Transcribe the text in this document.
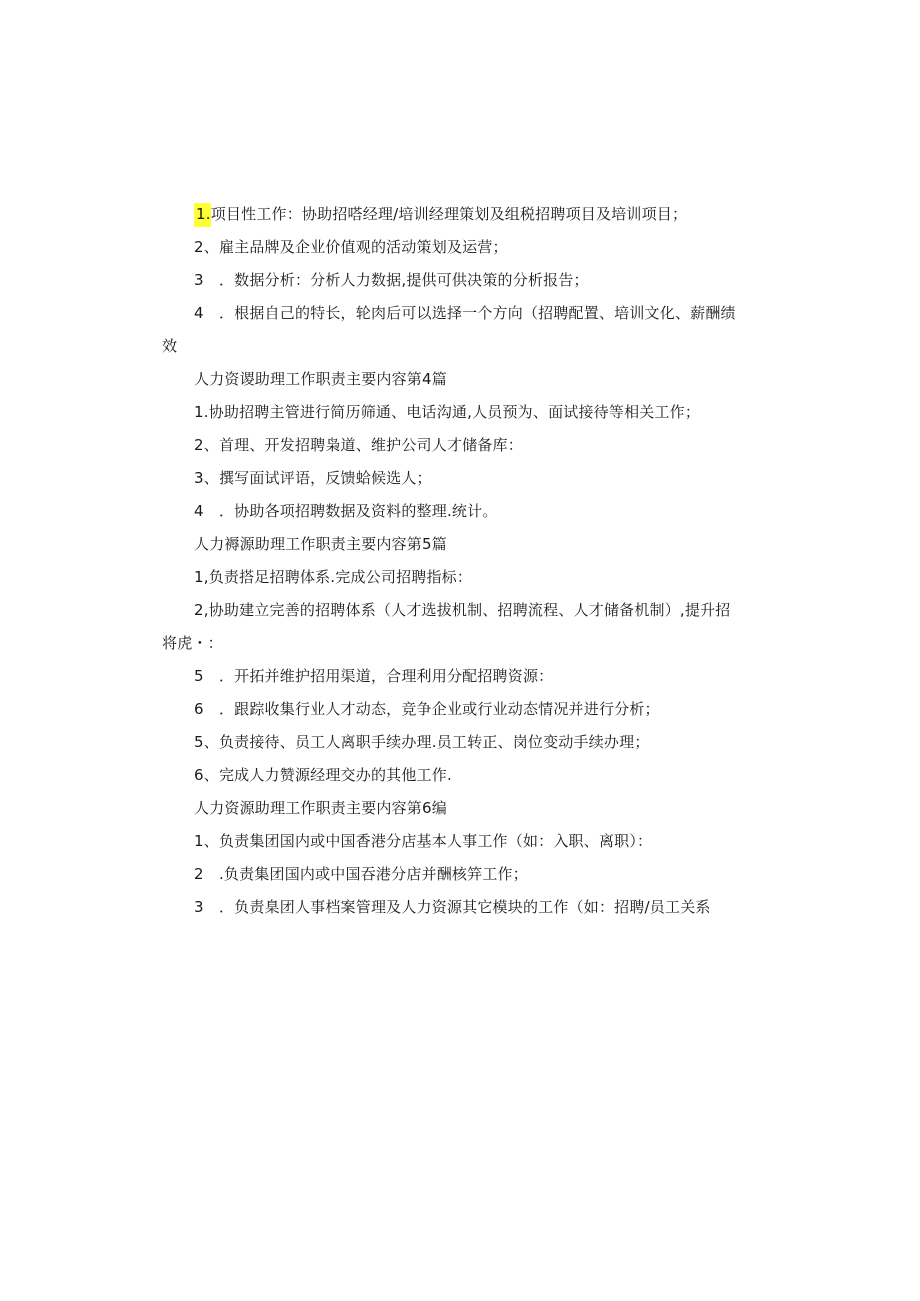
1.项目性工作：协助招嗒经理/培训经理策划及组税招聘项目及培训项目；
2、雇主品牌及企业价值观的活动策划及运营；
3　．数据分析：分析人力数据,提供可供决策的分析报告；
4　．根据自己的特长，轮肉后可以选择一个方向（招聘配置、培训文化、薪酬绩
效
人力资谡助理工作职责主要内容第4篇
1.协助招聘主管进行简历筛通、电话沟通,人员预为、面试接待等相关工作；
2、首理、开发招聘枭道、维护公司人才储备库：
3、撰写面试评语，反馈蛤候选人；
4　．协助各项招聘数据及资料的整理.统计。
人力褥源助理工作职责主要内容第5篇
1,负责搭足招聘体系.完成公司招聘指标：
2,协助建立完善的招聘体系（人才选拔机制、招聘流程、人才储备机制）,提升招
将虎・：
5　．开拓并维护招用渠道，合理利用分配招聘资源：
6　．跟踪收集行业人才动态，竞争企业或行业动态情况并进行分析；
5、负责接待、员工人离职手续办理.员工转正、岗位变动手续办理；
6、完成人力赞源经理交办的其他工作.
人力资源助理工作职责主要内容第6编
1、负责集团国内或中国香港分店基本人事工作（如：入职、离职）：
2　.负责集团国内或中国吞港分店并酬核笄工作；
3　．负责臬团人事档案管理及人力资源其它模块的工作（如：招聘/员工关系
